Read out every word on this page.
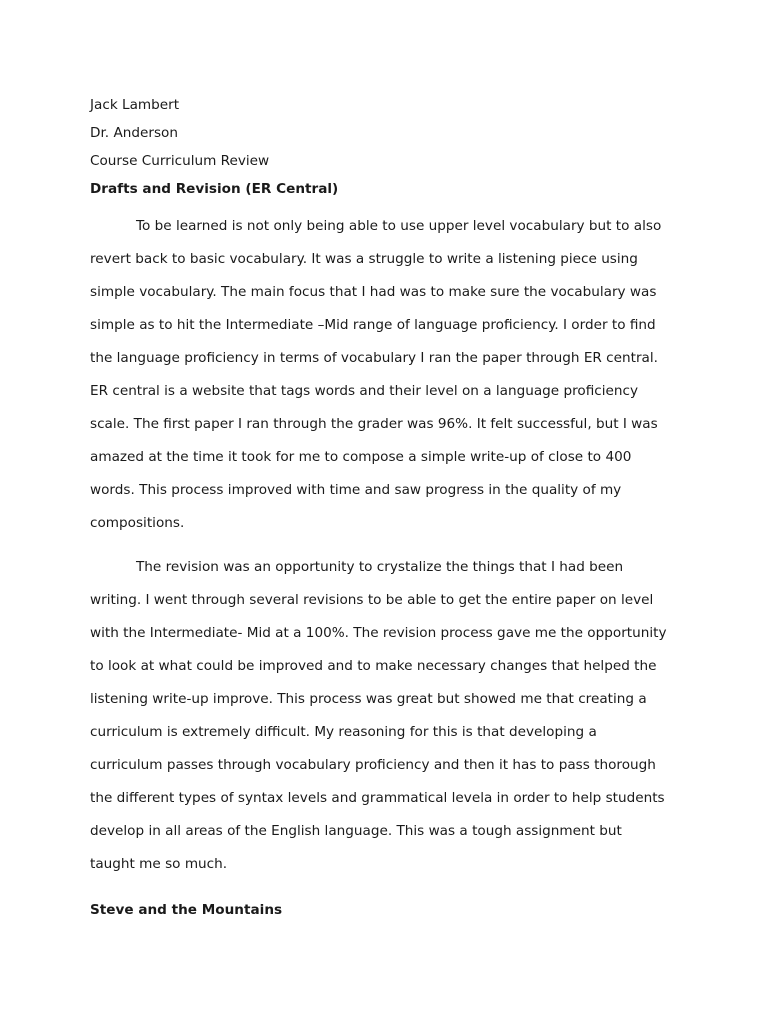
Jack Lambert

Dr. Anderson

Course Curriculum Review

Drafts and Revision (ER Central)

To be learned is not only being able to use upper level vocabulary but to also
revert back to basic vocabulary. It was a struggle to write a listening piece using
simple vocabulary. The main focus that I had was to make sure the vocabulary was
simple as to hit the Intermediate –Mid range of language proficiency. I order to find
the language proficiency in terms of vocabulary I ran the paper through ER central.
ER central is a website that tags words and their level on a language proficiency
scale. The first paper I ran through the grader was 96%. It felt successful, but I was
amazed at the time it took for me to compose a simple write-up of close to 400
words. This process improved with time and saw progress in the quality of my
compositions.

The revision was an opportunity to crystalize the things that I had been
writing. I went through several revisions to be able to get the entire paper on level
with the Intermediate- Mid at a 100%. The revision process gave me the opportunity
to look at what could be improved and to make necessary changes that helped the
listening write-up improve. This process was great but showed me that creating a
curriculum is extremely difficult. My reasoning for this is that developing a
curriculum passes through vocabulary proficiency and then it has to pass thorough
the different types of syntax levels and grammatical levela in order to help students
develop in all areas of the English language. This was a tough assignment but
taught me so much.

Steve and the Mountains
